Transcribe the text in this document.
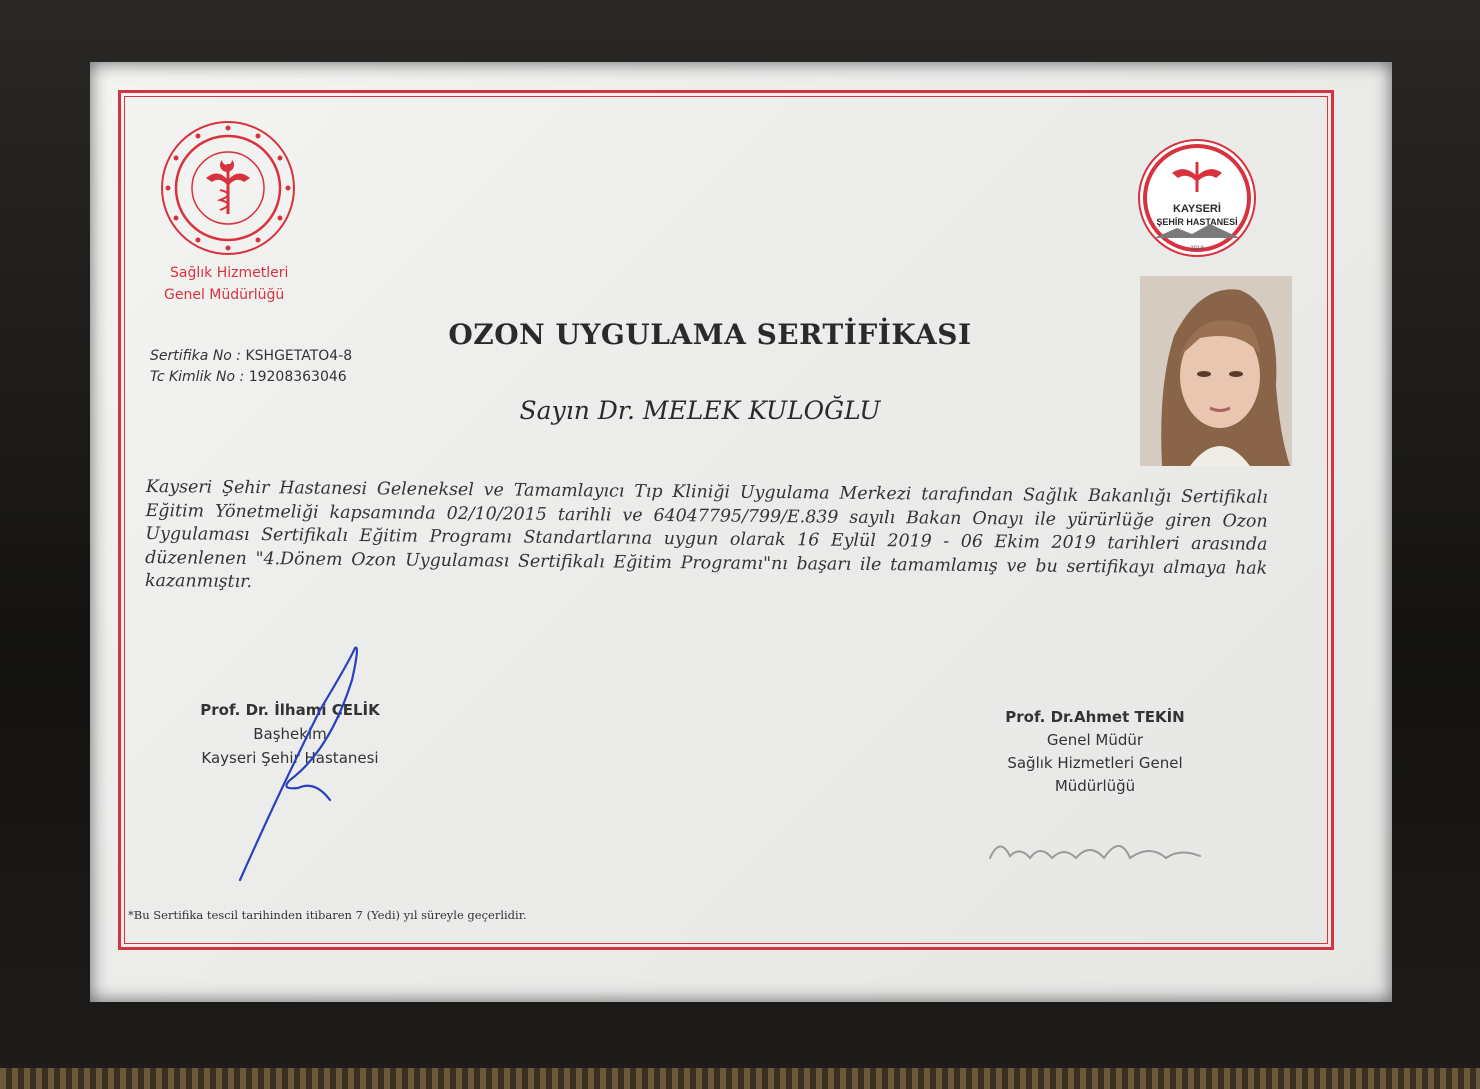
Sağlık Hizmetleri
Genel Müdürlüğü
KAYSERİ
ŞEHİR HASTANESİ
2018
OZON UYGULAMA SERTİFİKASI
Sertifika No : KSHGETATO4-8
Tc Kimlik No : 19208363046
Sayın Dr. MELEK KULOĞLU
Kayseri Şehir Hastanesi Geleneksel ve Tamamlayıcı Tıp Kliniği Uygulama Merkezi tarafından Sağlık Bakanlığı Sertifikalı Eğitim Yönetmeliği kapsamında 02/10/2015 tarihli ve 64047795/799/E.839 sayılı Bakan Onayı ile yürürlüğe giren Ozon Uygulaması Sertifikalı Eğitim Programı Standartlarına uygun olarak 16 Eylül 2019 - 06 Ekim 2019 tarihleri arasında düzenlenen "4.Dönem Ozon Uygulaması Sertifikalı Eğitim Programı"nı başarı ile tamamlamış ve bu sertifikayı almaya hak kazanmıştır.
Prof. Dr. İlhami ÇELİK
Başhekim
Kayseri Şehir Hastanesi
Prof. Dr.Ahmet TEKİN
Genel Müdür
Sağlık Hizmetleri Genel
Müdürlüğü
*Bu Sertifika tescil tarihinden itibaren 7 (Yedi) yıl süreyle geçerlidir.
